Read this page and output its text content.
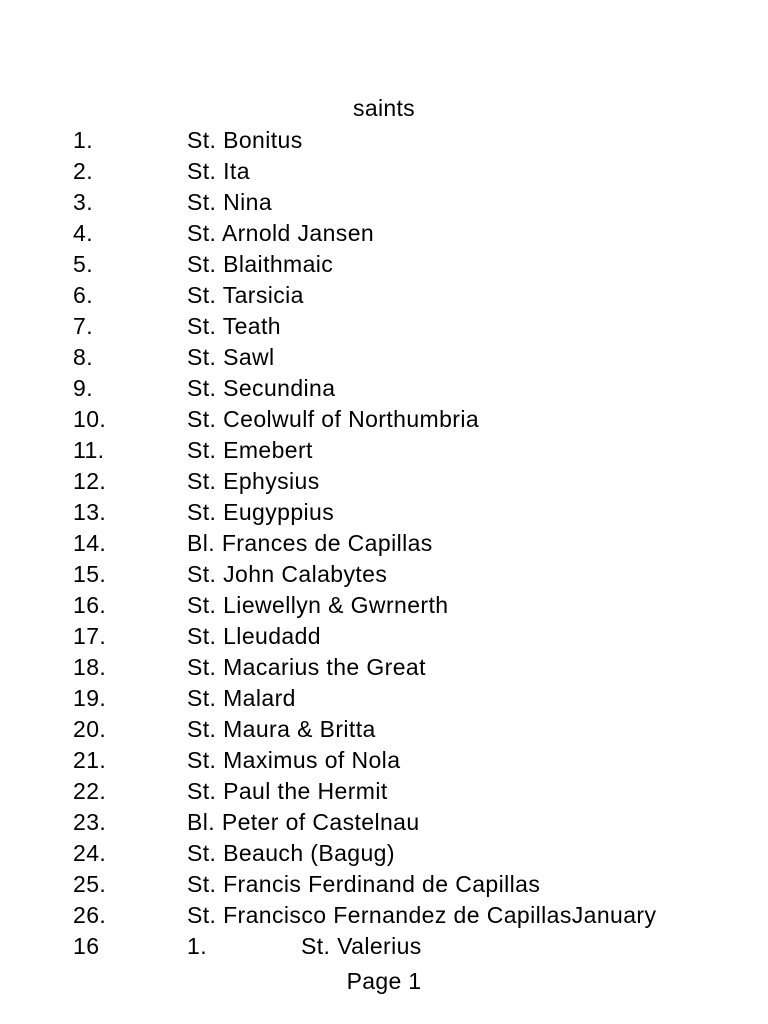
saints
1.	St. Bonitus
2.	St. Ita
3.	St. Nina
4.	St. Arnold Jansen
5.	St. Blaithmaic
6.	St. Tarsicia
7.	St. Teath
8.	St. Sawl
9.	St. Secundina
10.	St. Ceolwulf of Northumbria
11.	St. Emebert
12.	St. Ephysius
13.	St. Eugyppius
14.	Bl. Frances de Capillas
15.	St. John Calabytes
16.	St. Liewellyn & Gwrnerth
17.	St. Lleudadd
18.	St. Macarius the Great
19.	St. Malard
20.	St. Maura & Britta
21.	St. Maximus of Nola
22.	St. Paul the Hermit
23.	Bl. Peter of Castelnau
24.	St. Beauch (Bagug)
25.	St. Francis Ferdinand de Capillas
26.	St. Francisco Fernandez de CapillasJanuary
16	1.	St. Valerius
Page 1
